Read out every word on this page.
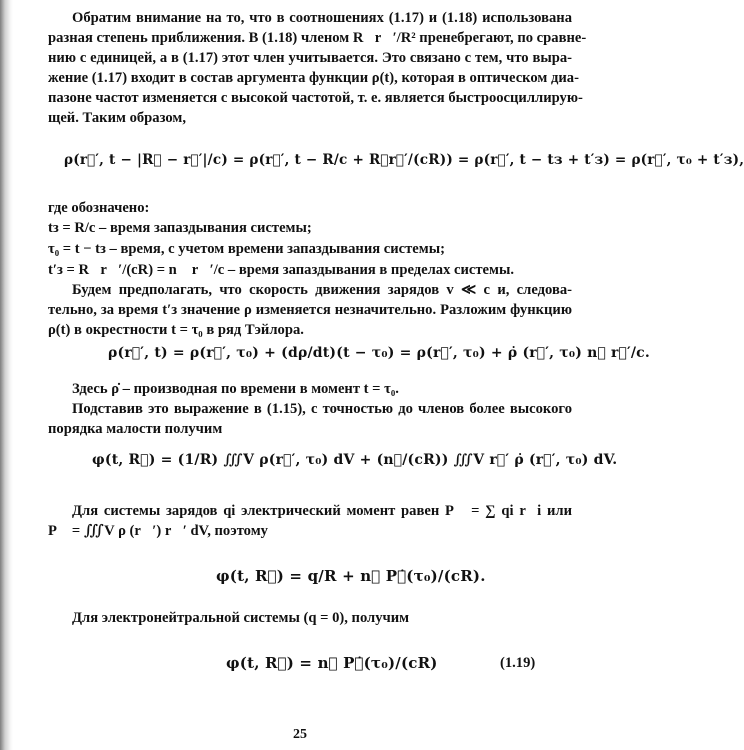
Обратим внимание на то, что в соотношениях (1.17) и (1.18) использована
разная степень приближения. В (1.18) членом R⃗r⃗′/R² пренебрегают, по сравне-
нию с единицей, а в (1.17) этот член учитывается. Это связано с тем, что выра-
жение (1.17) входит в состав аргумента функции ρ(t), которая в оптическом диа-
пазоне частот изменяется с высокой частотой, т. е. является быстроосциллирую-
щей. Таким образом,
ρ(r⃗′, t − |R⃗ − r⃗′|/c) = ρ(r⃗′, t − R/c + R⃗r⃗′/(cR)) = ρ(r⃗′, t − tз + t′з) = ρ(r⃗′, τ₀ + t′з),
где обозначено:
tз = R/c – время запаздывания системы;
τ₀ = t − tз – время, с учетом времени запаздывания системы;
t′з = R⃗r⃗′/(cR) = n⃗ r⃗′/c – время запаздывания в пределах системы.
Будем предполагать, что скорость движения зарядов v ≪ c и, следова-
тельно, за время t′з значение ρ изменяется незначительно. Разложим функцию
ρ(t) в окрестности t = τ₀ в ряд Тэйлора.
ρ(r⃗′, t) = ρ(r⃗′, τ₀) + (dρ/dt)(t − τ₀) = ρ(r⃗′, τ₀) + ρ̇ (r⃗′, τ₀) n⃗ r⃗′/c.
Здесь ρ̇ – производная по времени в момент t = τ₀.
Подставив это выражение в (1.15), с точностью до членов более высокого
порядка малости получим
φ(t, R⃗) = (1/R) ∭V ρ(r⃗′, τ₀) dV + (n⃗/(cR)) ∭V r⃗′ ρ̇ (r⃗′, τ₀) dV.
Для системы зарядов qi электрический момент равен P⃗ = ∑ qi r⃗i или
P⃗ = ∭V ρ (r⃗′) r⃗′ dV, поэтому
φ(t, R⃗) = q/R + n⃗ P⃗̇(τ₀)/(cR).
Для электронейтральной системы (q = 0), получим
φ(t, R⃗) = n⃗ P⃗̇(τ₀)/(cR)	(1.19)
25
